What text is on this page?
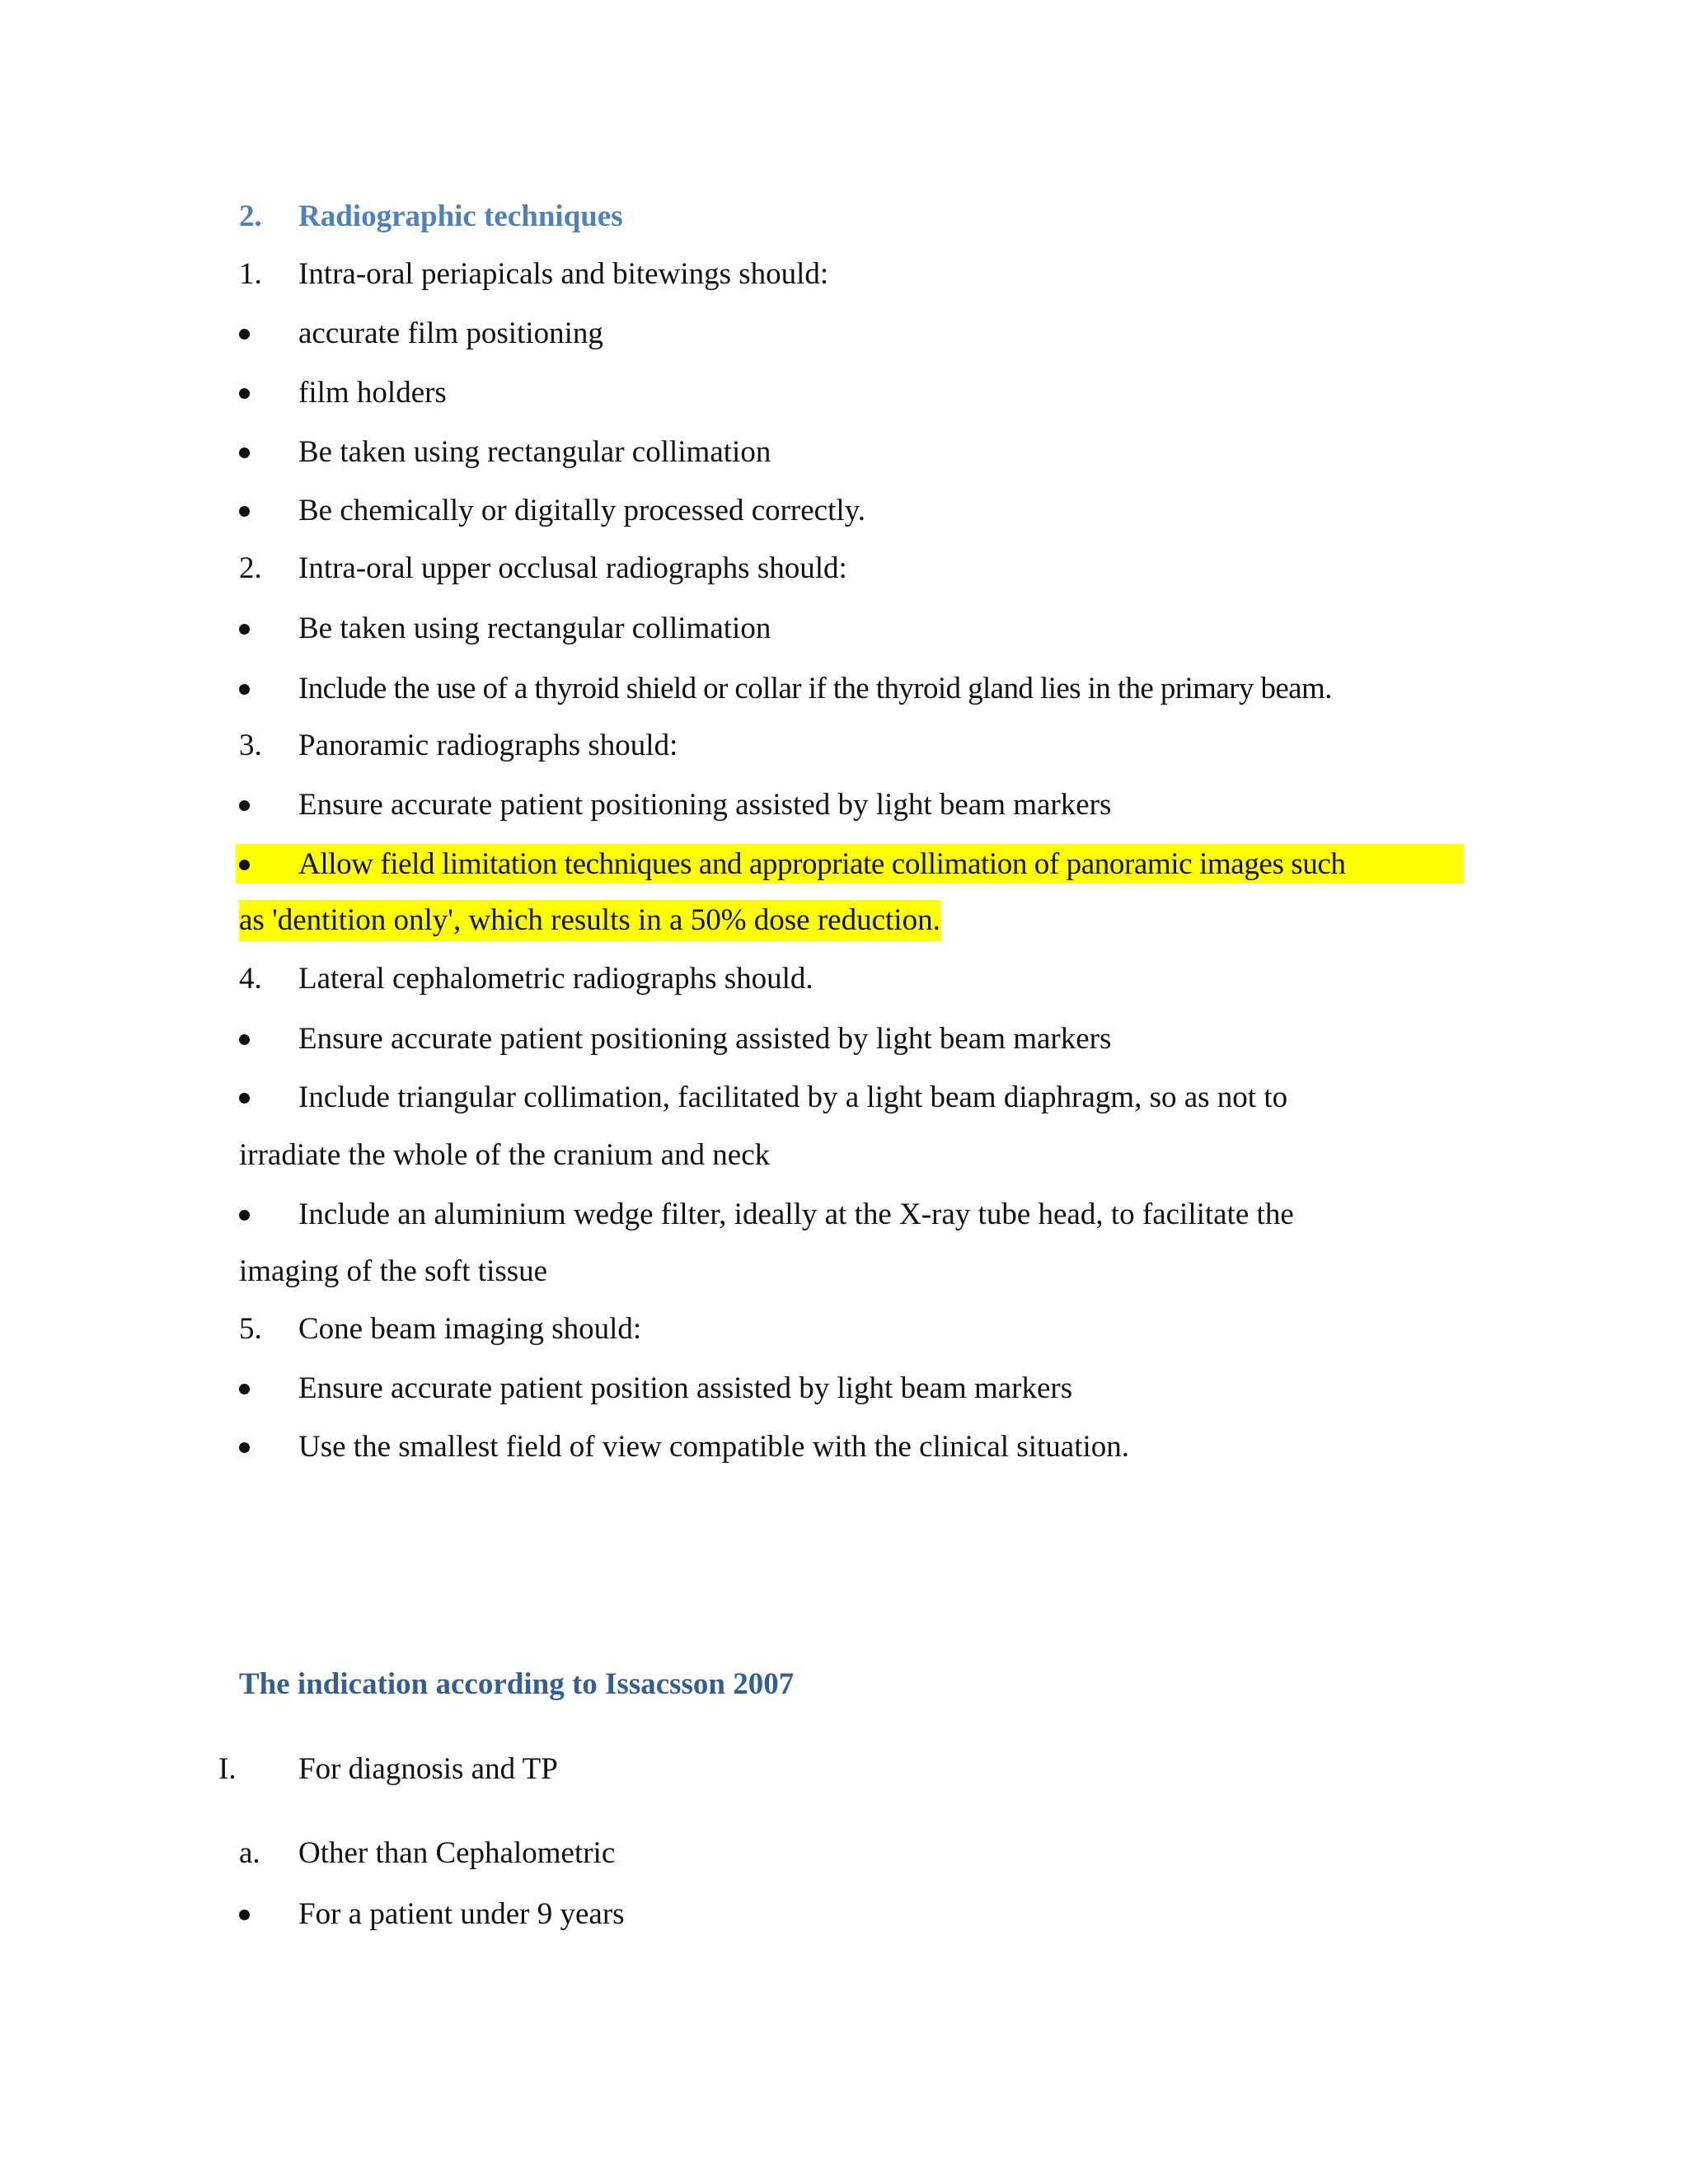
2. Radiographic techniques
1. Intra-oral periapicals and bitewings should:
accurate film positioning
film holders
Be taken using rectangular collimation
Be chemically or digitally processed correctly.
2. Intra-oral upper occlusal radiographs should:
Be taken using rectangular collimation
Include the use of a thyroid shield or collar if the thyroid gland lies in the primary beam.
3. Panoramic radiographs should:
Ensure accurate patient positioning assisted by light beam markers
Allow field limitation techniques and appropriate collimation of panoramic images such
as 'dentition only', which results in a 50% dose reduction.
4. Lateral cephalometric radiographs should.
Ensure accurate patient positioning assisted by light beam markers
Include triangular collimation, facilitated by a light beam diaphragm, so as not to
irradiate the whole of the cranium and neck
Include an aluminium wedge filter, ideally at the X-ray tube head, to facilitate the
imaging of the soft tissue
5. Cone beam imaging should:
Ensure accurate patient position assisted by light beam markers
Use the smallest field of view compatible with the clinical situation.
The indication according to Issacsson 2007
I. For diagnosis and TP
a. Other than Cephalometric
For a patient under 9 years
